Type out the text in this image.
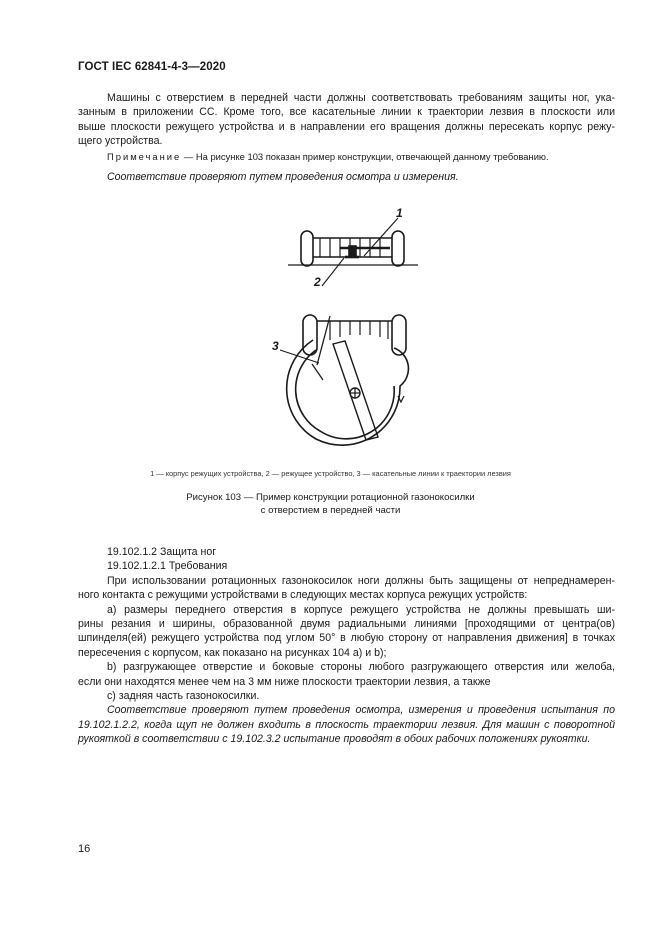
ГОСТ IEC 62841-4-3—2020
Машины с отверстием в передней части должны соответствовать требованиям защиты ног, ука-
занным в приложении СС. Кроме того, все касательные линии к траектории лезвия в плоскости или
выше плоскости режущего устройства и в направлении его вращения должны пересекать корпус режу-
щего устройства.
Примечание — На рисунке 103 показан пример конструкции, отвечающей данному требованию.
Соответствие проверяют путем проведения осмотра и измерения.
1
2
3
1 — корпус режущих устройства, 2 — режущее устройство, 3 — касательные линии к траектории лезвия
Рисунок 103 — Пример конструкции ротационной газонокосилки
с отверстием в передней части
19.102.1.2 Защита ног
19.102.1.2.1 Требования
При использовании ротационных газонокосилок ноги должны быть защищены от непреднамерен-
ного контакта с режущими устройствами в следующих местах корпуса режущих устройств:
a) размеры переднего отверстия в корпусе режущего устройства не должны превышать ши-
рины резания и ширины, образованной двумя радиальными линиями [проходящими от центра(ов)
шпинделя(ей) режущего устройства под углом 50° в любую сторону от направления движения] в точках
пересечения с корпусом, как показано на рисунках 104 а) и b);
b) разгружающее отверстие и боковые стороны любого разгружающего отверстия или желоба,
если они находятся менее чем на 3 мм ниже плоскости траектории лезвия, а также
c) задняя часть газонокосилки.
Соответствие проверяют путем проведения осмотра, измерения и проведения испытания по
19.102.1.2.2, когда щуп не должен входить в плоскость траектории лезвия. Для машин с поворотной
рукояткой в соответствии с 19.102.3.2 испытание проводят в обоих рабочих положениях рукоятки.
16
